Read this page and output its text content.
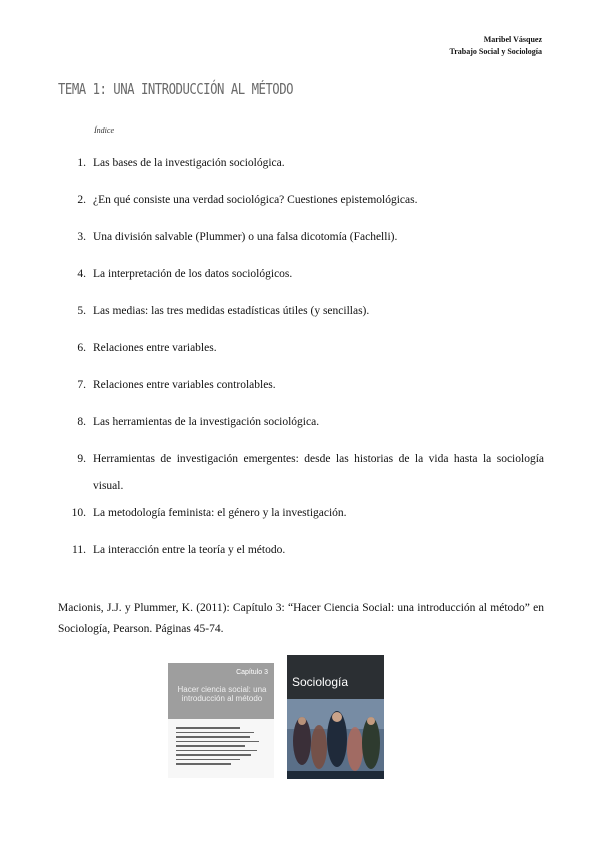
Maribel Vásquez
Trabajo Social y Sociología
TEMA 1: UNA INTRODUCCIÓN AL MÉTODO
Índice
1. Las bases de la investigación sociológica.
2. ¿En qué consiste una verdad sociológica? Cuestiones epistemológicas.
3. Una división salvable (Plummer) o una falsa dicotomía (Fachelli).
4. La interpretación de los datos sociológicos.
5. Las medias: las tres medidas estadísticas útiles (y sencillas).
6. Relaciones entre variables.
7. Relaciones entre variables controlables.
8. Las herramientas de la investigación sociológica.
9. Herramientas de investigación emergentes: desde las historias de la vida hasta la sociología visual.
10. La metodología feminista: el género y la investigación.
11. La interacción entre la teoría y el método.

Macionis, J.J. y Plummer, K. (2011): Capítulo 3: “Hacer Ciencia Social: una introducción al método” en Sociología, Pearson. Páginas 45-74.

Capítulo 3
Hacer ciencia social: una introducción al método
Sociología
